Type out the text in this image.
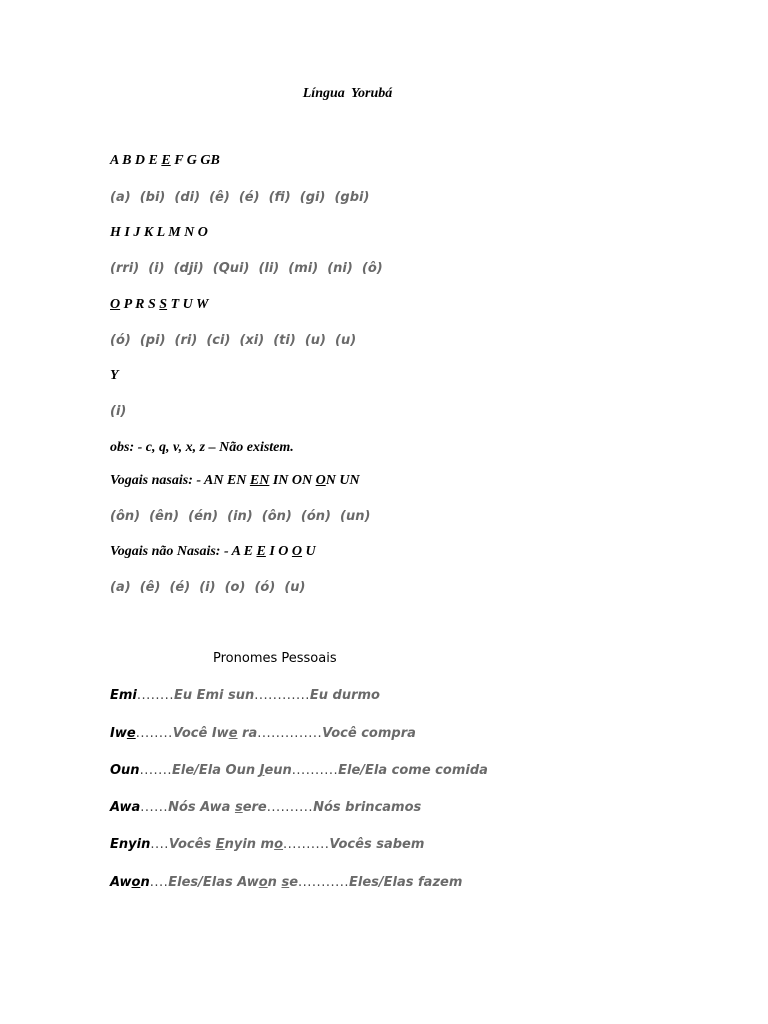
Língua Yorubá
A B D E E F G GB
(a)  (bi)  (di)  (ê)  (é)  (fi)  (gi)  (gbi)
H I J K L M N O
(rri)  (i)  (dji)  (Qui)  (li)  (mi)  (ni)  (ô)
O P R S S T U W
(ó)  (pi)  (ri)  (ci)  (xi)  (ti)  (u)  (u)
Y
(i)
obs: - c, q, v, x, z – Não existem.
Vogais nasais: - AN EN EN IN ON ON UN
(ôn)  (ên)  (én)  (in)  (ôn)  (ón)  (un)
Vogais não Nasais: - A E E I O O U
(a)  (ê)  (é)  (i)  (o)  (ó)  (u)
Pronomes Pessoais
Emi........Eu Emi sun............Eu durmo
Iwe........Você Iwe ra..............Você compra
Oun.......Ele/Ela Oun Jeun..........Ele/Ela come comida
Awa......Nós Awa sere..........Nós brincamos
Enyin....Vocês Enyin mo..........Vocês sabem
Awon....Eles/Elas Awon se...........Eles/Elas fazem
